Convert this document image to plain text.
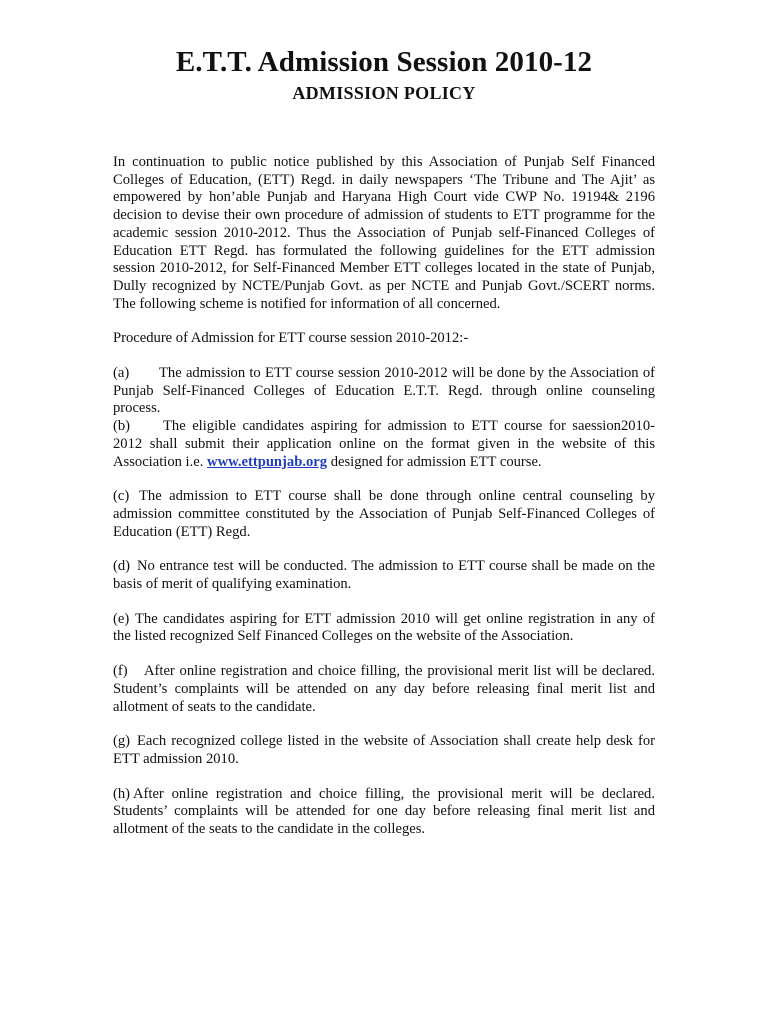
E.T.T. Admission Session 2010-12
ADMISSION POLICY

In continuation to public notice published by this Association of Punjab Self Financed Colleges of Education, (ETT) Regd. in daily newspapers ‘The Tribune and The Ajit’ as empowered by hon’able Punjab and Haryana High Court vide CWP No. 19194& 2196 decision to devise their own procedure of admission of students to ETT programme for the academic session 2010-2012. Thus the Association of Punjab self-Financed Colleges of Education ETT Regd. has formulated the following guidelines for the ETT admission session 2010-2012, for Self-Financed Member ETT colleges located in the state of Punjab, Dully recognized by NCTE/Punjab Govt. as per NCTE and Punjab Govt./SCERT norms. The following scheme is notified for information of all concerned.

Procedure of Admission for ETT course session 2010-2012:-

(a) The admission to ETT course session 2010-2012 will be done by the Association of Punjab Self-Financed Colleges of Education E.T.T. Regd. through online counseling process.

(b) The eligible candidates aspiring for admission to ETT course for saession2010-2012 shall submit their application online on the format given in the website of this Association i.e. www.ettpunjab.org designed for admission ETT course.

(c) The admission to ETT course shall be done through online central counseling by admission committee constituted by the Association of Punjab Self-Financed Colleges of Education (ETT) Regd.

(d) No entrance test will be conducted. The admission to ETT course shall be made on the basis of merit of qualifying examination.

(e) The candidates aspiring for ETT admission 2010 will get online registration in any of the listed recognized Self Financed Colleges on the website of the Association.

(f) After online registration and choice filling, the provisional merit list will be declared. Student’s complaints will be attended on any day before releasing final merit list and allotment of seats to the candidate.

(g) Each recognized college listed in the website of Association shall create help desk for ETT admission 2010.

(h) After online registration and choice filling, the provisional merit will be declared. Students’ complaints will be attended for one day before releasing final merit list and allotment of the seats to the candidate in the colleges.
